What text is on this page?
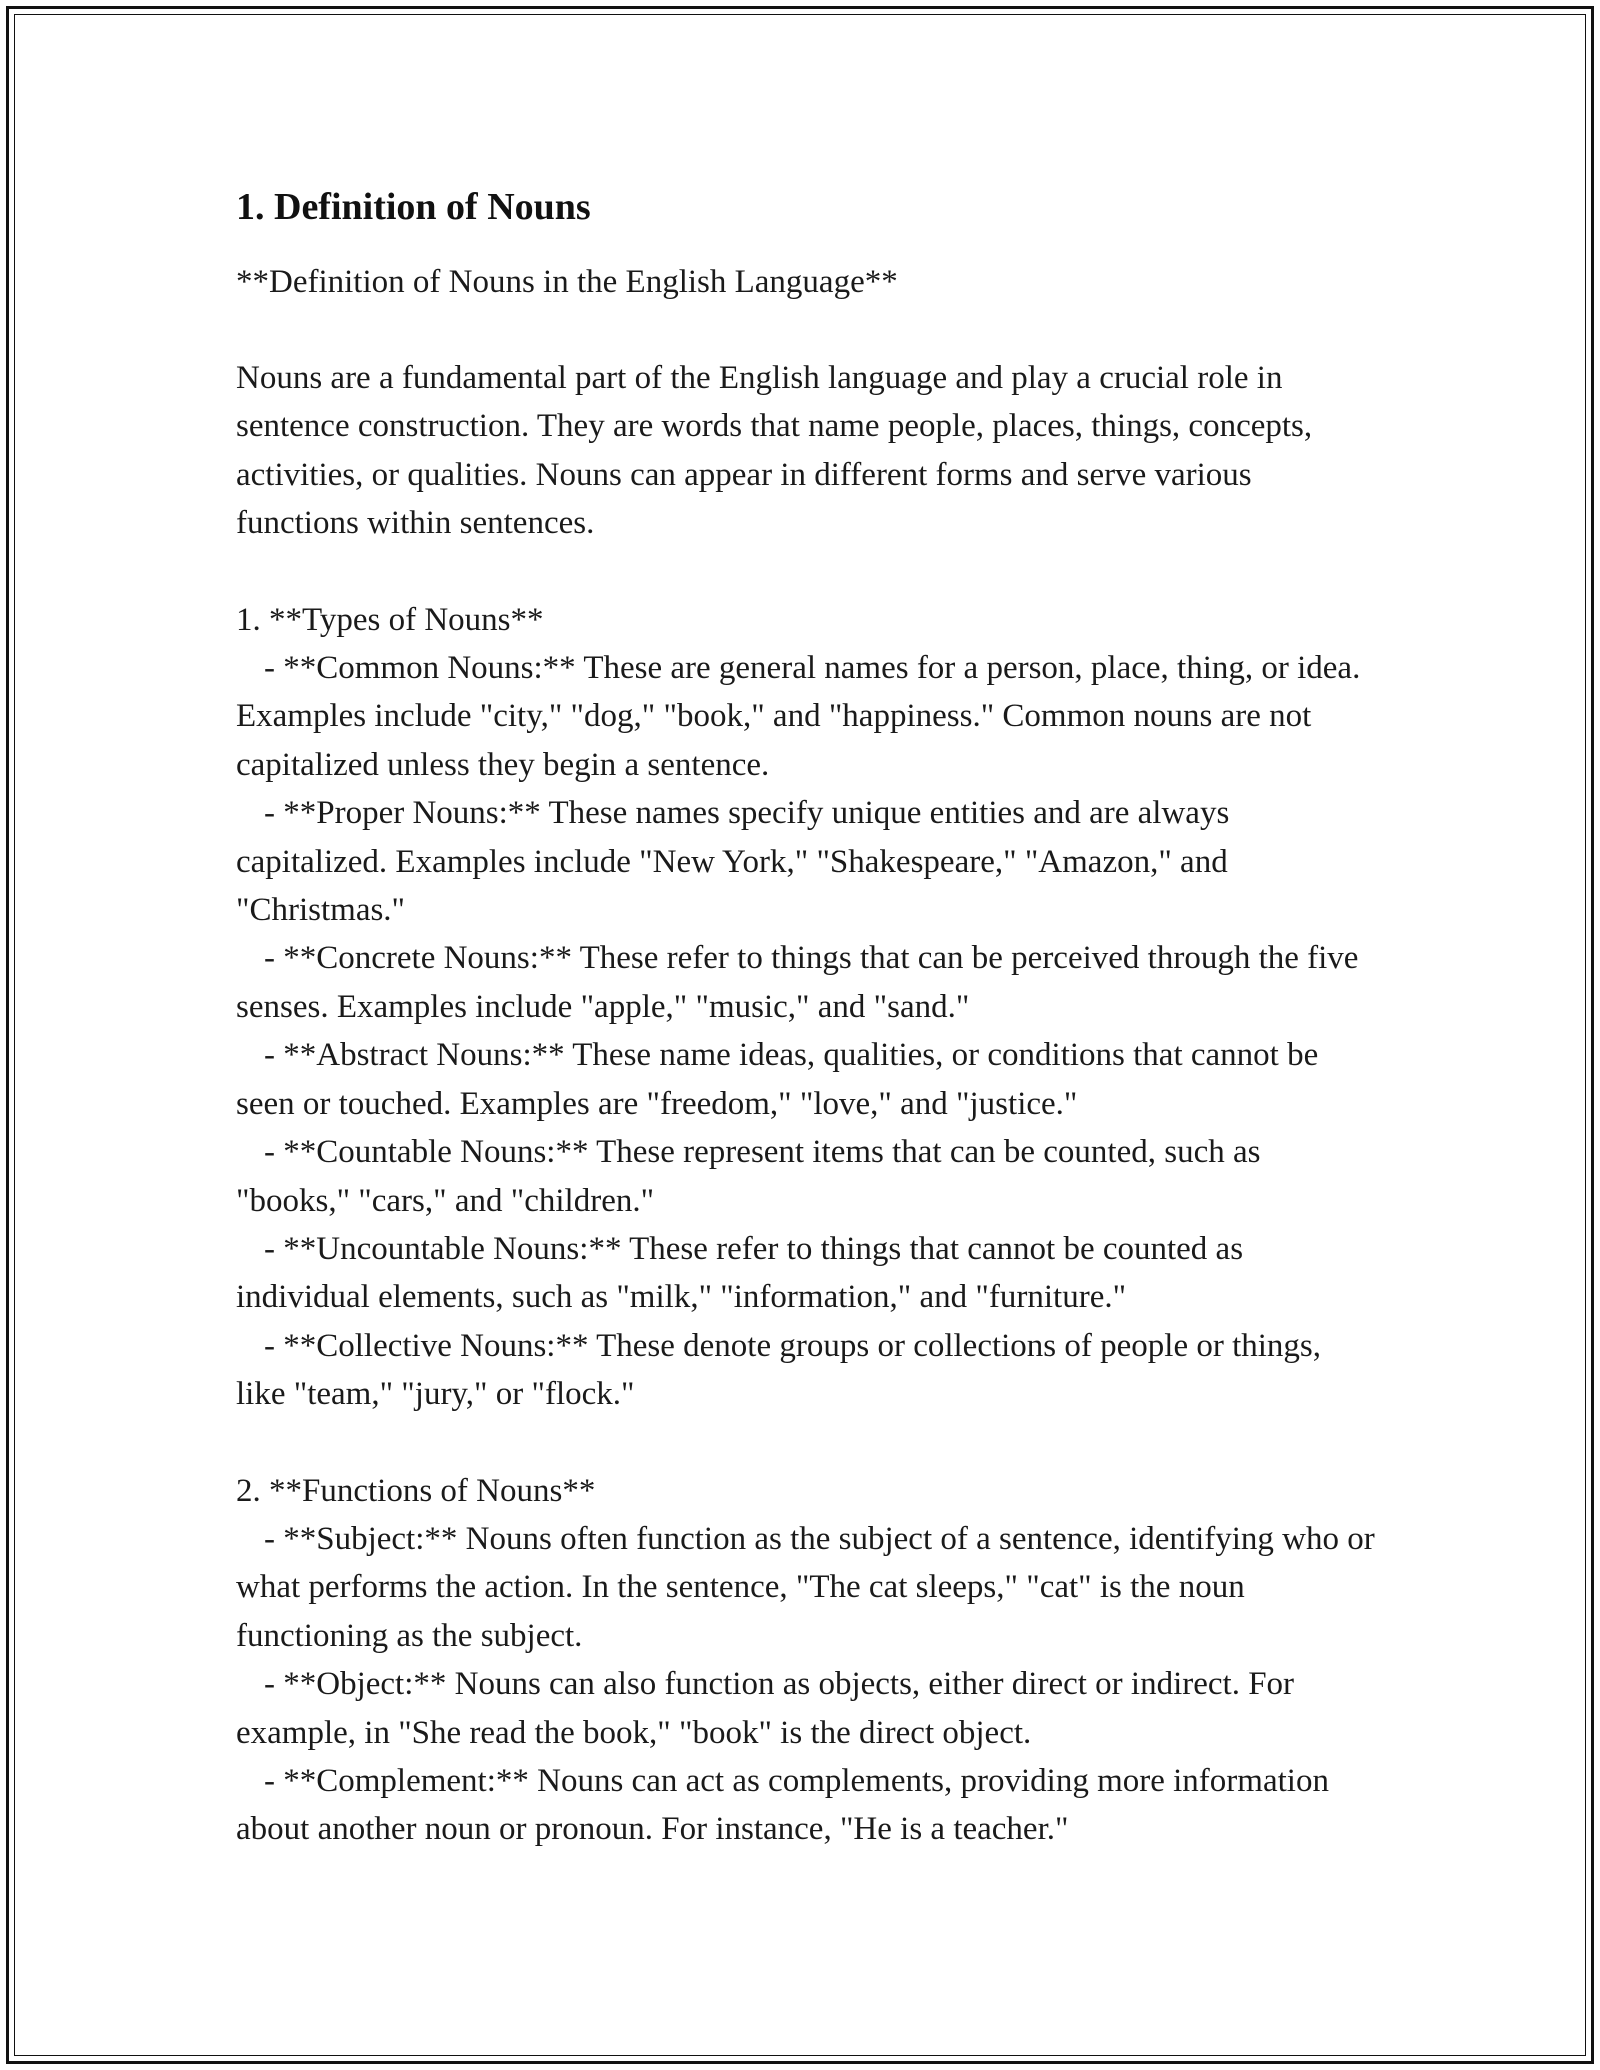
1. Definition of Nouns
**Definition of Nouns in the English Language**
Nouns are a fundamental part of the English language and play a crucial role in sentence construction. They are words that name people, places, things, concepts, activities, or qualities. Nouns can appear in different forms and serve various functions within sentences.
1. **Types of Nouns**
- **Common Nouns:** These are general names for a person, place, thing, or idea. Examples include "city," "dog," "book," and "happiness." Common nouns are not capitalized unless they begin a sentence.
- **Proper Nouns:** These names specify unique entities and are always capitalized. Examples include "New York," "Shakespeare," "Amazon," and "Christmas."
- **Concrete Nouns:** These refer to things that can be perceived through the five senses. Examples include "apple," "music," and "sand."
- **Abstract Nouns:** These name ideas, qualities, or conditions that cannot be seen or touched. Examples are "freedom," "love," and "justice."
- **Countable Nouns:** These represent items that can be counted, such as "books," "cars," and "children."
- **Uncountable Nouns:** These refer to things that cannot be counted as individual elements, such as "milk," "information," and "furniture."
- **Collective Nouns:** These denote groups or collections of people or things, like "team," "jury," or "flock."
2. **Functions of Nouns**
- **Subject:** Nouns often function as the subject of a sentence, identifying who or what performs the action. In the sentence, "The cat sleeps," "cat" is the noun functioning as the subject.
- **Object:** Nouns can also function as objects, either direct or indirect. For example, in "She read the book," "book" is the direct object.
- **Complement:** Nouns can act as complements, providing more information about another noun or pronoun. For instance, "He is a teacher."
